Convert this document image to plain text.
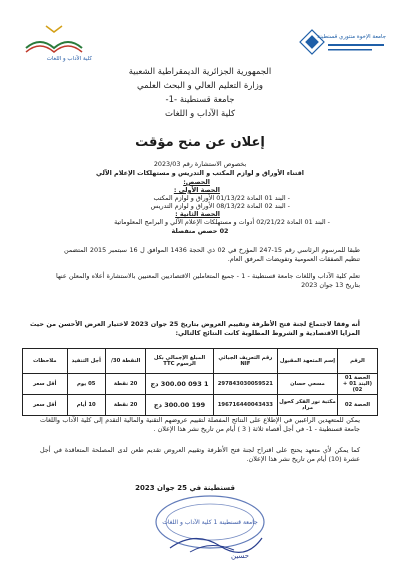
جامعة الإخوة منتوري قسنطينة
كلية الآداب و اللغات
الجمهورية الجزائرية الديمقراطية الشعبية
وزارة التعليم العالي و البحث العلمي
جامعة قسنطينة -1-
كلية الآداب و اللغات
إعلان عن منح مؤقت
بخصوص الاستشارة رقم 2023/03
اقتناء الأوراق و لوازم المكتب و التدريس و مستهلكات الإعلام الآلي
الحصص:
الحصة الأولى :
- البند 01 المادة 01/13/22 الأوراق و لوازم المكتب
- البند 02 المادة 08/13/22 الأوراق و لوازم التدريس
الحصة الثانية :
- البند 01 المادة 02/21/22 أدوات و مستهلكات الإعلام الآلي و البرامج المعلوماتية
02 حصص منفصلة
طبقا للمرسوم الرئاسي رقم 15-247 المؤرخ في 02 ذي الحجة 1436 الموافق ل 16 سبتمبر 2015 المتضمن تنظيم الصفقات العمومية وتفويضات المرفق العام.
تعلم كلية الآداب واللغات جامعة قسنطينة - 1 - جميع المتعاملين الاقتصاديين المعنيين بالاستشارة أعلاه والمعلن عنها بتاريخ 13 جوان 2023
أنه وفقا لاجتماع لجنة فتح الأظرفة وتقييم العروض بتاريخ 25 جوان 2023 لاختيار العرض الأحسن من حيث المزايا الاقتصادية و الشروط المطلوبة كانت النتائج كالتالي:
الرقم	إسم المتعهد المقبول	رقم التعريف الجبائي NIF	المبلغ الإجمالي بكل الرسوم TTC	النقطة 30/	أجل التنفيذ	ملاحظات
الحصة 01 (البند 01 + 02)	مسعي حسان	297843030059521	1 093 300.00 دج	20 نقطة	05 يوم	أقل سعر
الحصة 02	مكتبة نور الفكر كحول مراد	196716440043433	199 300.00 دج	20 نقطة	10 أيام	أقل سعر
يمكن للمتعهدين الراغبين في الإطلاع على النتائج المفصلة لتقييم عروضهم التقنية والمالية التقدم إلى كلية الآداب واللغات جامعة قسنطينة - 1- في أجل أقصاه ثلاثة ( 3 ) أيام من تاريخ نشر هذا الإعلان .
كما يمكن لأي متعهد يحتج على اقتراح لجنة فتح الأظرفة وتقييم العروض تقديم طعن لدى المصلحة المتعاقدة في أجل عشرة (10) أيام من تاريخ نشر هذا الإعلان.
قسنطينة في 25 جوان 2023
جامعة قسنطينة 1 كلية الآداب و اللغات
حسين
